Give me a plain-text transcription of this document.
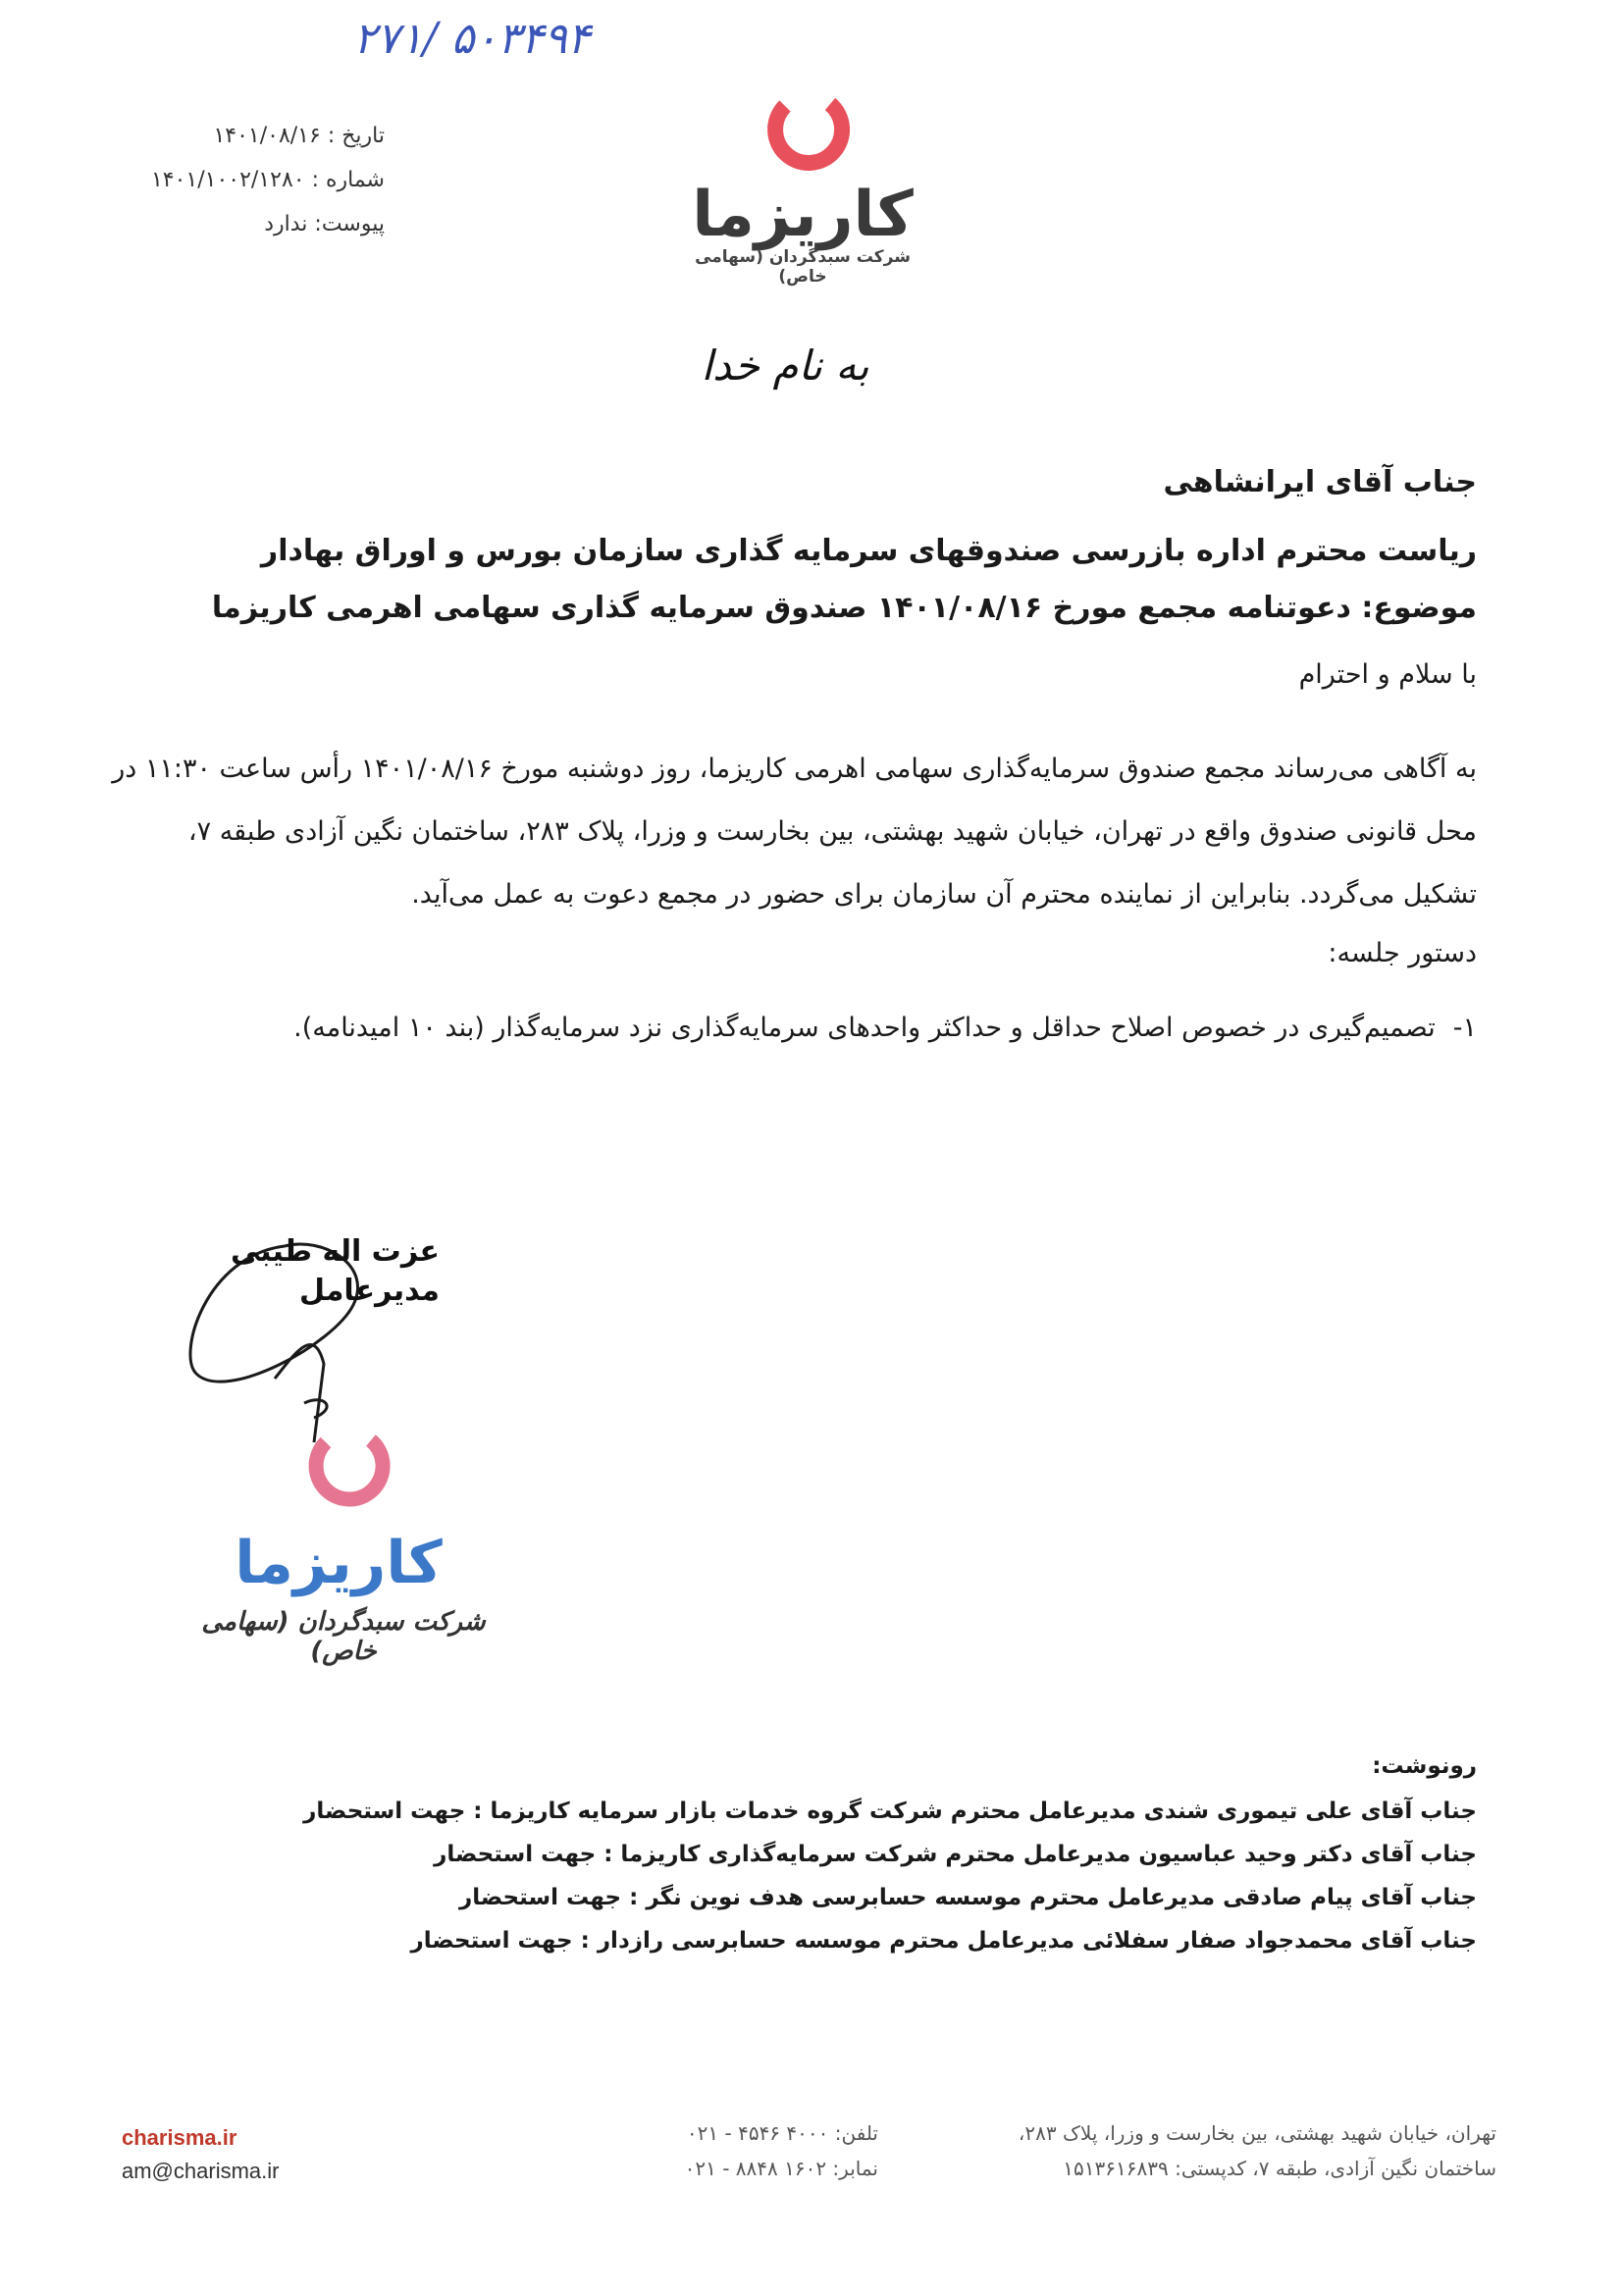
۲۷۱/ ۵۰۳۴۹۴
تاریخ : ۱۴۰۱/۰۸/۱۶
شماره : ۱۴۰۱/۱۰۰۲/۱۲۸۰
پیوست: ندارد	کاریزما
شرکت سبدگردان (سهامی خاص)
به نام خدا
جناب آقای ایرانشاهی
ریاست محترم اداره بازرسی صندوقهای سرمایه گذاری سازمان بورس و اوراق بهادار
موضوع: دعوتنامه مجمع مورخ ۱۴۰۱/۰۸/۱۶ صندوق سرمایه گذاری سهامی اهرمی کاریزما
با سلام و احترام
به آگاهی می‌رساند مجمع صندوق سرمایه‌گذاری سهامی اهرمی کاریزما، روز دوشنبه مورخ ۱۴۰۱/۰۸/۱۶ رأس ساعت ۱۱:۳۰ در
محل قانونی صندوق واقع در تهران، خیابان شهید بهشتی، بین بخارست و وزرا، پلاک ۲۸۳، ساختمان نگین آزادی طبقه ۷،
تشکیل می‌گردد. بنابراین از نماینده محترم آن سازمان برای حضور در مجمع دعوت به عمل می‌آید.
دستور جلسه:
۱-تصمیم‌گیری در خصوص اصلاح حداقل و حداکثر واحدهای سرمایه‌گذاری نزد سرمایه‌گذار (بند ۱۰ امیدنامه).
عزت اله طیبی
مدیرعامل
کاریزما
شرکت سبدگردان (سهامی خاص)
رونوشت:
جناب آقای علی تیموری شندی مدیرعامل محترم شرکت گروه خدمات بازار سرمایه کاریزما : جهت استحضار
جناب آقای دکتر وحید عباسیون مدیرعامل محترم شرکت سرمایه‌گذاری کاریزما : جهت استحضار
جناب آقای پیام صادقی مدیرعامل محترم موسسه حسابرسی هدف نوین نگر : جهت استحضار
جناب آقای محمدجواد صفار سفلائی مدیرعامل محترم موسسه حسابرسی رازدار : جهت استحضار
charisma.ir
am@charisma.ir
تلفن: ۴۰۰۰ ۴۵۴۶ - ۰۲۱
نمابر: ۱۶۰۲ ۸۸۴۸ - ۰۲۱
تهران، خیابان شهید بهشتی، بین بخارست و وزرا، پلاک ۲۸۳،
ساختمان نگین آزادی، طبقه ۷، کدپستی: ۱۵۱۳۶۱۶۸۳۹
